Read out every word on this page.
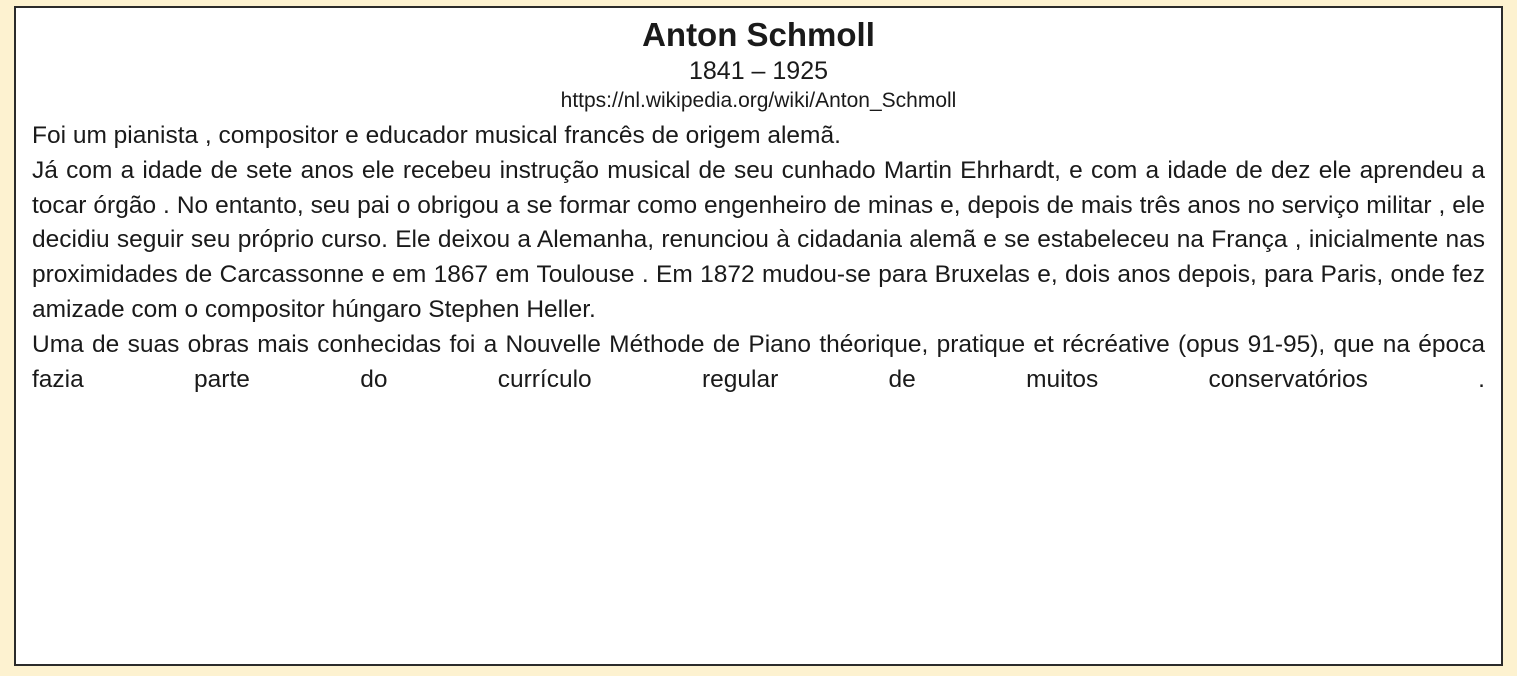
Anton Schmoll
1841 – 1925
https://nl.wikipedia.org/wiki/Anton_Schmoll

Foi um pianista , compositor e educador musical francês de origem alemã.

Já com a idade de sete anos ele recebeu instrução musical de seu cunhado Martin Ehrhardt, e com a idade de dez ele aprendeu a tocar órgão . No entanto, seu pai o obrigou a se formar como engenheiro de minas e, depois de mais três anos no serviço militar , ele decidiu seguir seu próprio curso. Ele deixou a Alemanha, renunciou à cidadania alemã e se estabeleceu na França , inicialmente nas proximidades de Carcassonne e em 1867 em Toulouse . Em 1872 mudou-se para Bruxelas e, dois anos depois, para Paris, onde fez amizade com o compositor húngaro Stephen Heller.

Uma de suas obras mais conhecidas foi a Nouvelle Méthode de Piano théorique, pratique et récréative (opus 91-95), que na época fazia parte do currículo regular de muitos conservatórios .
